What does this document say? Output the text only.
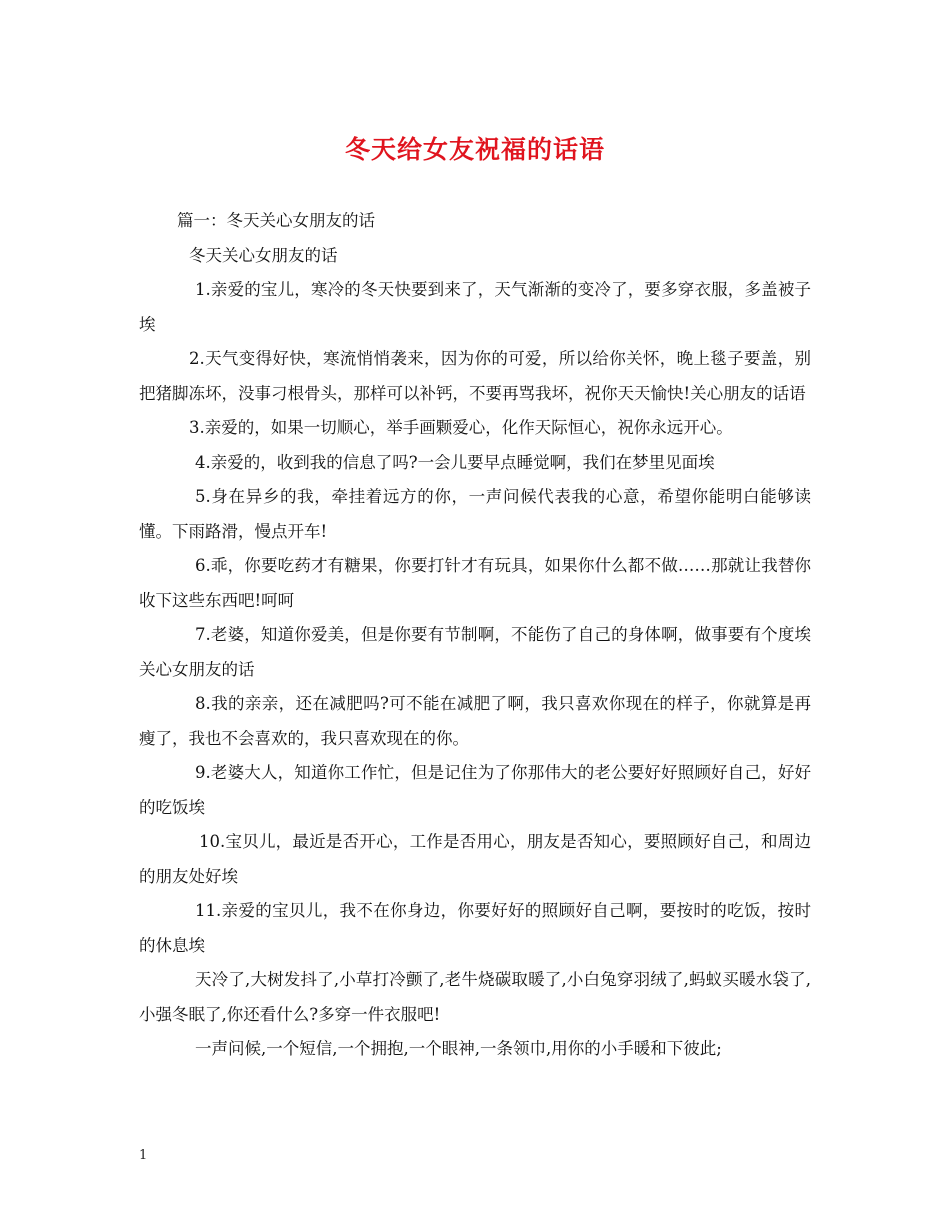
冬天给女友祝福的话语

篇一：冬天关心女朋友的话

冬天关心女朋友的话

1.亲爱的宝儿，寒冷的冬天快要到来了，天气渐渐的变冷了，要多穿衣服，多盖被子埃

2.天气变得好快，寒流悄悄袭来，因为你的可爱，所以给你关怀，晚上毯子要盖，别把猪脚冻坏，没事刁根骨头，那样可以补钙，不要再骂我坏，祝你天天愉快!关心朋友的话语

3.亲爱的，如果一切顺心，举手画颗爱心，化作天际恒心，祝你永远开心。

4.亲爱的，收到我的信息了吗?一会儿要早点睡觉啊，我们在梦里见面埃

5.身在异乡的我，牵挂着远方的你，一声问候代表我的心意，希望你能明白能够读懂。下雨路滑，慢点开车!

6.乖，你要吃药才有糖果，你要打针才有玩具，如果你什么都不做……那就让我替你收下这些东西吧!呵呵

7.老婆，知道你爱美，但是你要有节制啊，不能伤了自己的身体啊，做事要有个度埃关心女朋友的话

8.我的亲亲，还在减肥吗?可不能在减肥了啊，我只喜欢你现在的样子，你就算是再瘦了，我也不会喜欢的，我只喜欢现在的你。

9.老婆大人，知道你工作忙，但是记住为了你那伟大的老公要好好照顾好自己，好好的吃饭埃

10.宝贝儿，最近是否开心，工作是否用心，朋友是否知心，要照顾好自己，和周边的朋友处好埃

11.亲爱的宝贝儿，我不在你身边，你要好好的照顾好自己啊，要按时的吃饭，按时的休息埃

天冷了,大树发抖了,小草打冷颤了,老牛烧碳取暖了,小白兔穿羽绒了,蚂蚁买暖水袋了,小强冬眠了,你还看什么?多穿一件衣服吧!

一声问候,一个短信,一个拥抱,一个眼神,一条领巾,用你的小手暖和下彼此;

1
